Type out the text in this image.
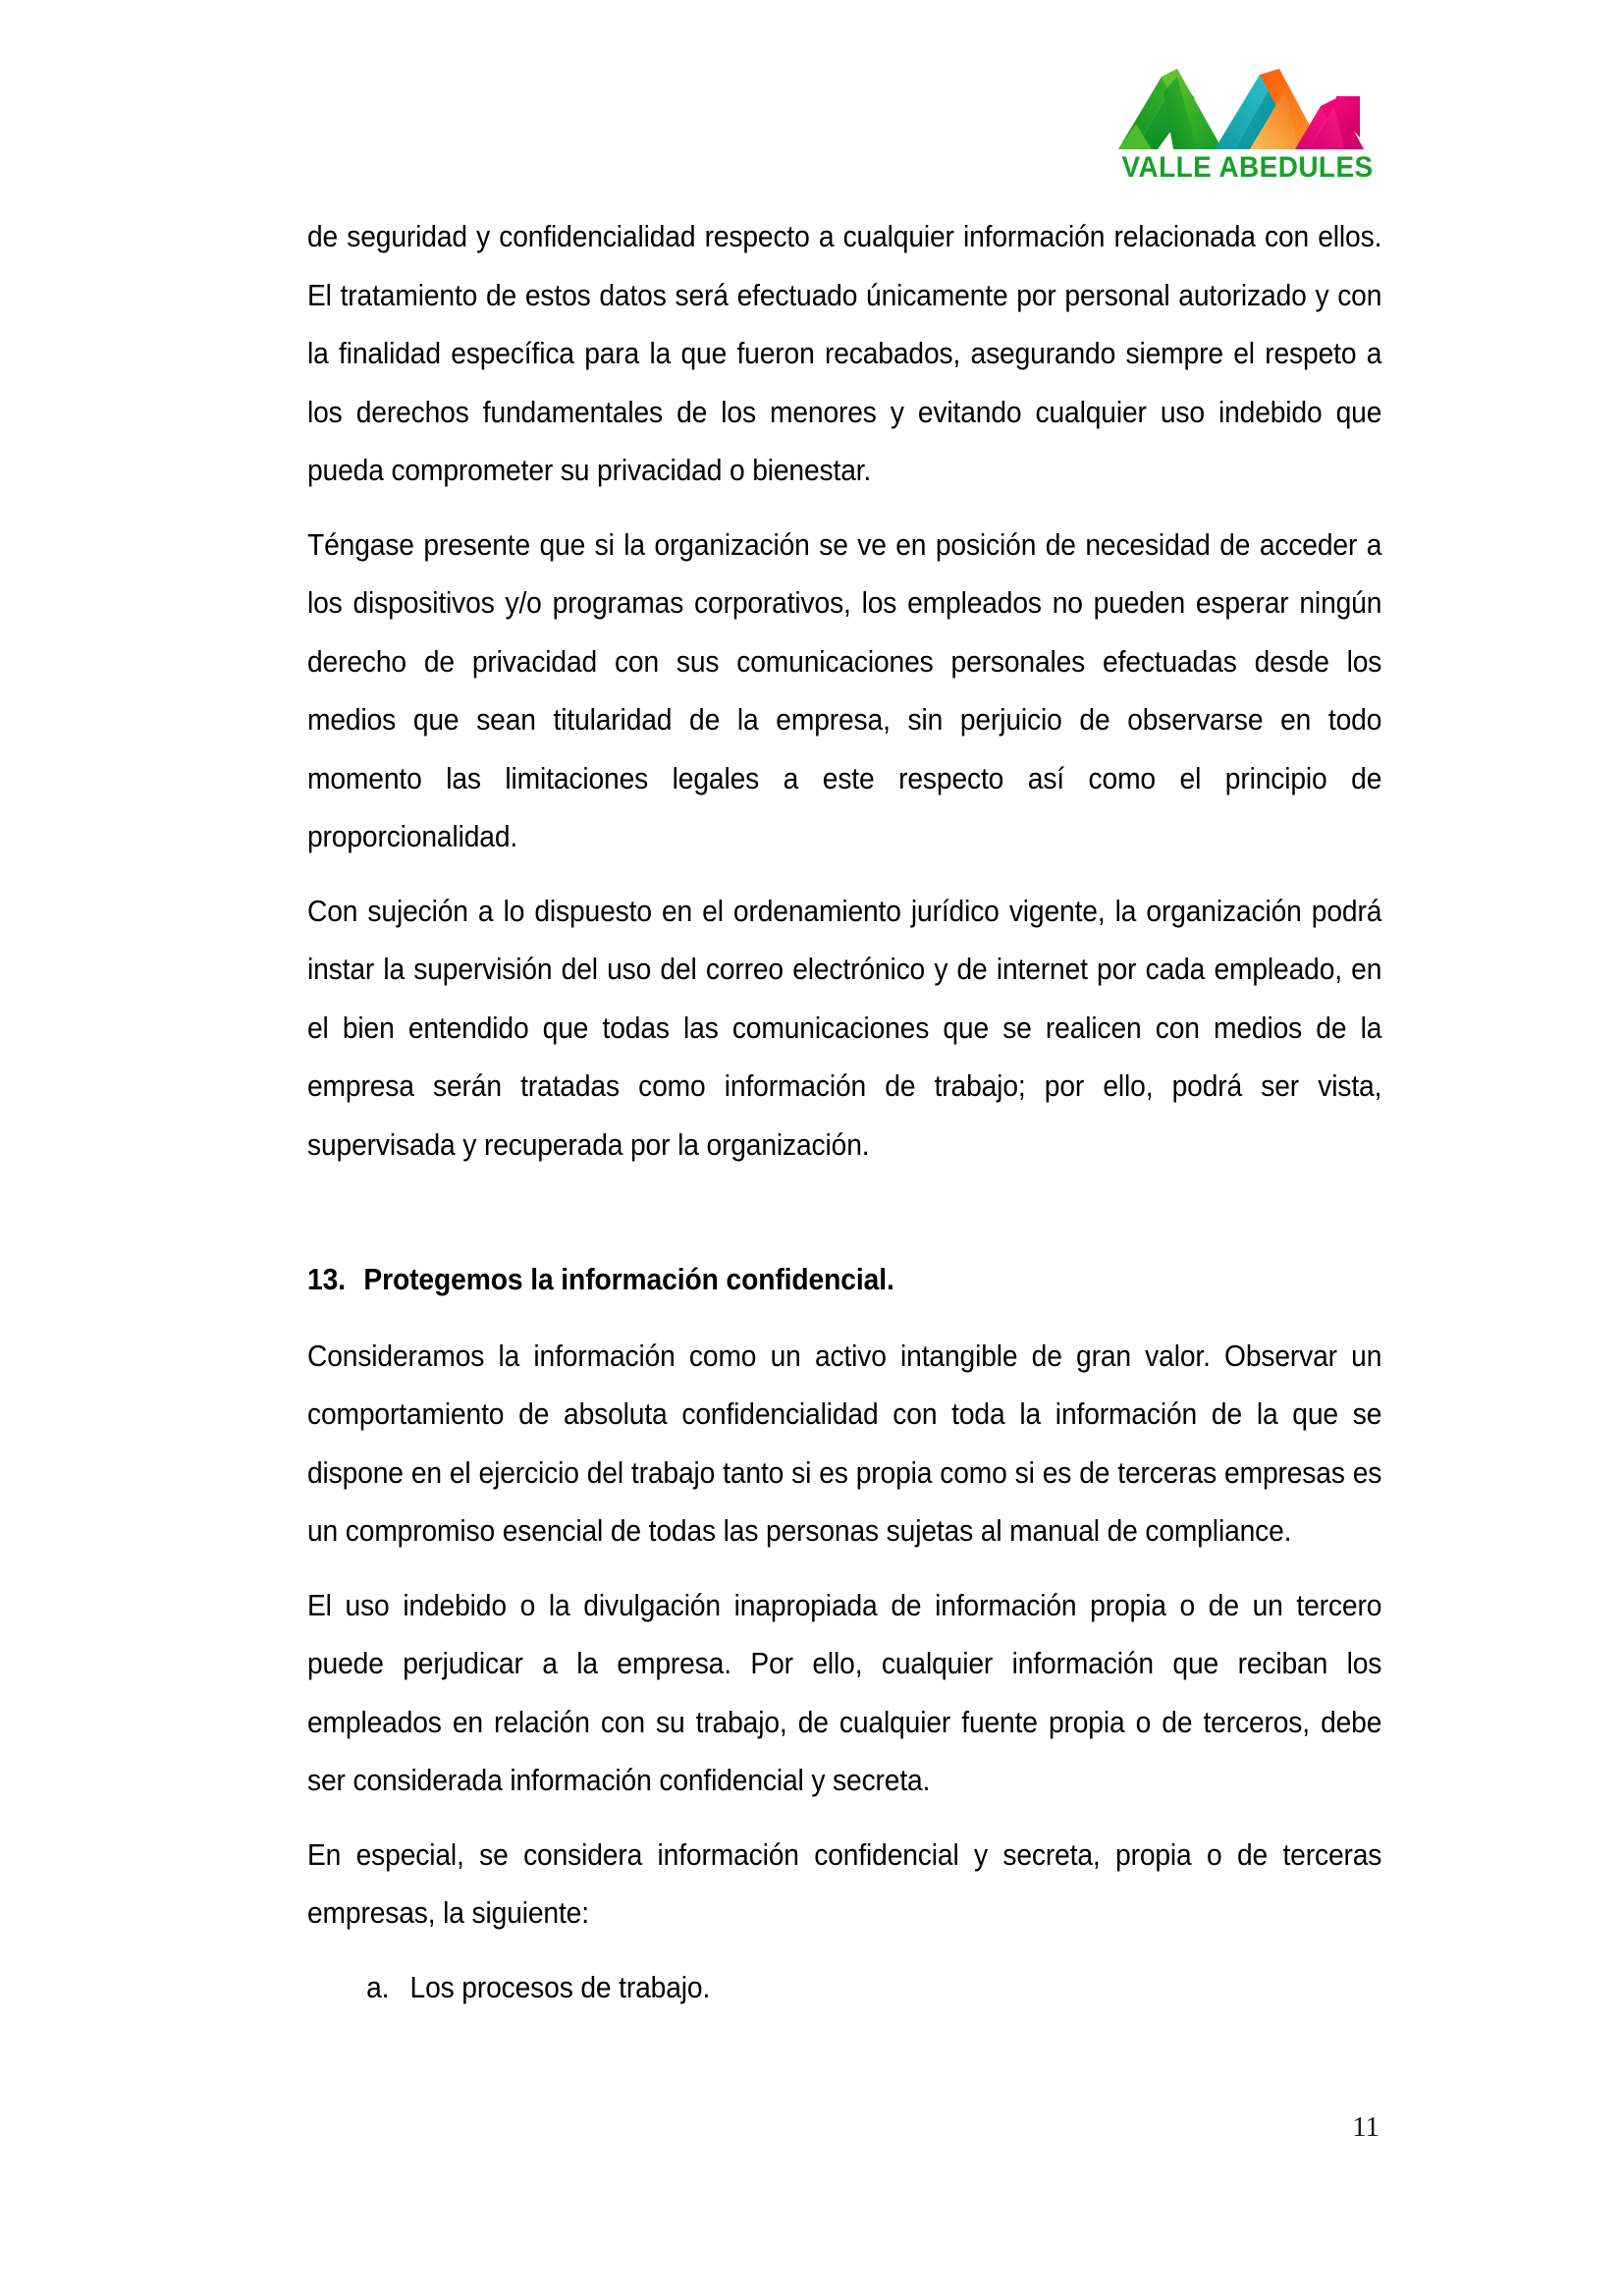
VALLE ABEDULES

de seguridad y confidencialidad respecto a cualquier información relacionada con ellos. El tratamiento de estos datos será efectuado únicamente por personal autorizado y con la finalidad específica para la que fueron recabados, asegurando siempre el respeto a los derechos fundamentales de los menores y evitando cualquier uso indebido que pueda comprometer su privacidad o bienestar.

Téngase presente que si la organización se ve en posición de necesidad de acceder a los dispositivos y/o programas corporativos, los empleados no pueden esperar ningún derecho de privacidad con sus comunicaciones personales efectuadas desde los medios que sean titularidad de la empresa, sin perjuicio de observarse en todo momento las limitaciones legales a este respecto así como el principio de proporcionalidad.

Con sujeción a lo dispuesto en el ordenamiento jurídico vigente, la organización podrá instar la supervisión del uso del correo electrónico y de internet por cada empleado, en el bien entendido que todas las comunicaciones que se realicen con medios de la empresa serán tratadas como información de trabajo; por ello, podrá ser vista, supervisada y recuperada por la organización.

13. Protegemos la información confidencial.

Consideramos la información como un activo intangible de gran valor. Observar un comportamiento de absoluta confidencialidad con toda la información de la que se dispone en el ejercicio del trabajo tanto si es propia como si es de terceras empresas es un compromiso esencial de todas las personas sujetas al manual de compliance.

El uso indebido o la divulgación inapropiada de información propia o de un tercero puede perjudicar a la empresa. Por ello, cualquier información que reciban los empleados en relación con su trabajo, de cualquier fuente propia o de terceros, debe ser considerada información confidencial y secreta.

En especial, se considera información confidencial y secreta, propia o de terceras empresas, la siguiente:

a. Los procesos de trabajo.

11
